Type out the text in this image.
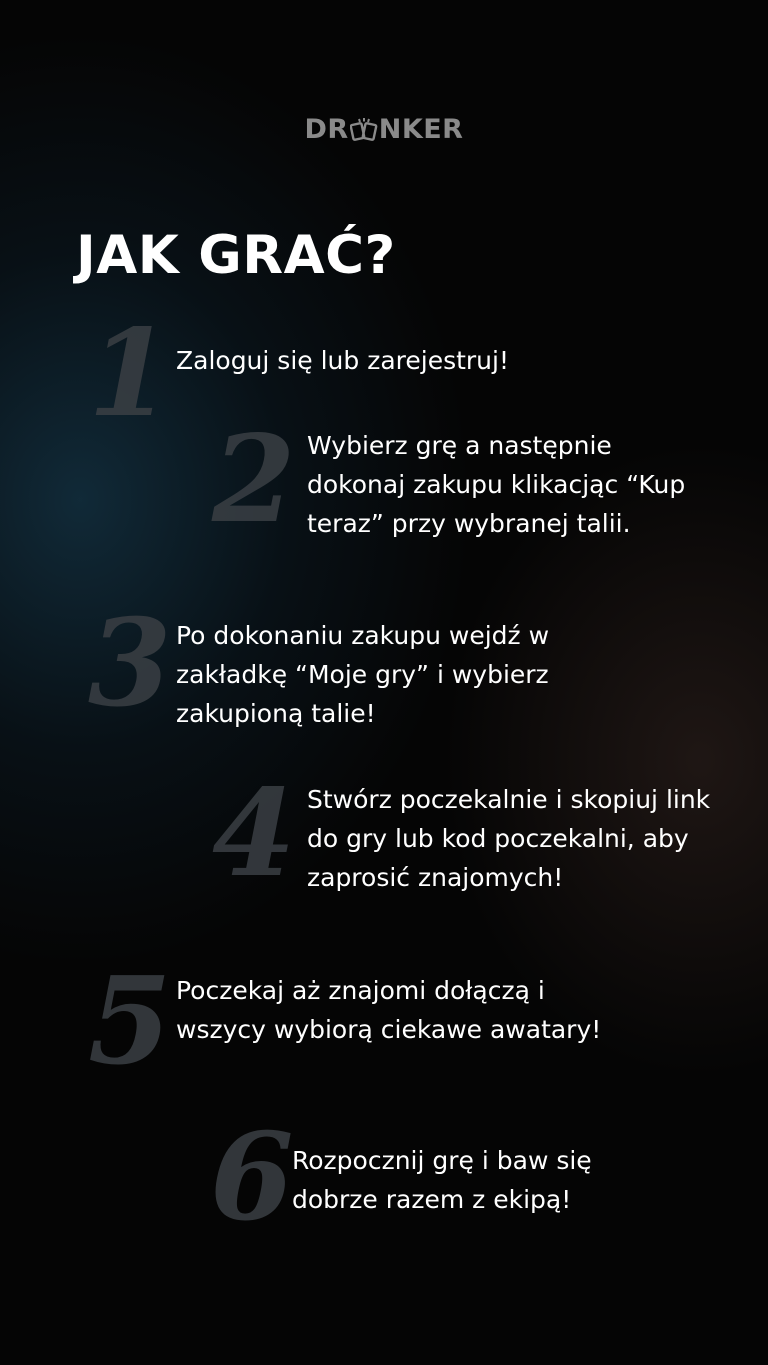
DR NKER
JAK GRAĆ?
1 Zaloguj się lub zarejestruj!

2 Wybierz grę a następnie dokonaj zakupu klikacjąc “Kup teraz” przy wybranej talii.

3 Po dokonaniu zakupu wejdź w zakładkę “Moje gry” i wybierz zakupioną talie!

4 Stwórz poczekalnie i skopiuj link do gry lub kod poczekalni, aby zaprosić znajomych!

5 Poczekaj aż znajomi dołączą i wszycy wybiorą ciekawe awatary!

6

Rozpocznij grę i baw się dobrze razem z ekipą!
